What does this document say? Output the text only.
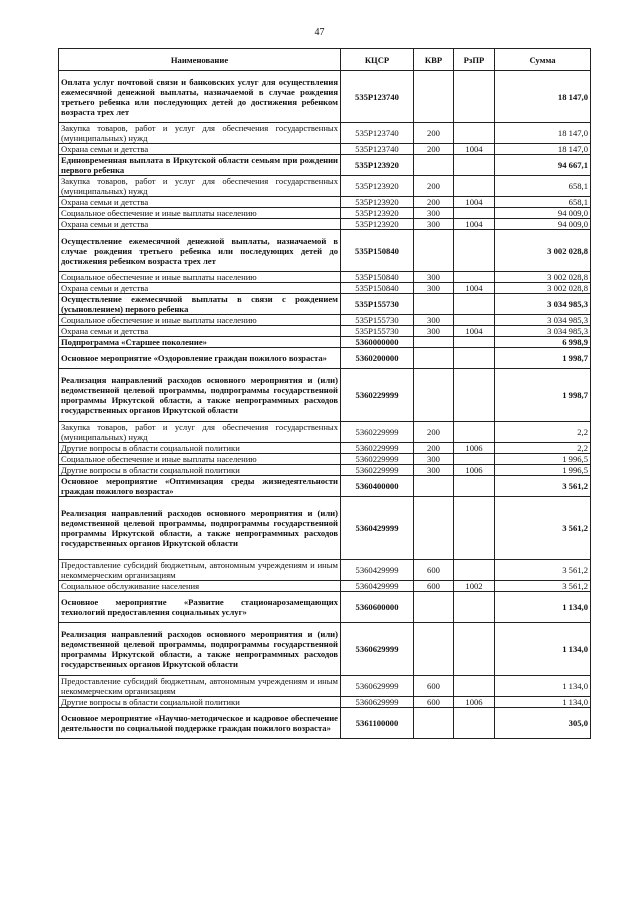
47
Наименование	КЦСР	КВР	РзПР	Сумма
Оплата услуг почтовой связи и банковских услуг для осуществления ежемесячной денежной выплаты, назначаемой в случае рождения третьего ребенка или последующих детей до достижения ребенком возраста трех лет	535P123740			18 147,0
Закупка товаров, работ и услуг для обеспечения государственных (муниципальных) нужд	535P123740	200		18 147,0
Охрана семьи и детства	535P123740	200	1004	18 147,0
Единовременная выплата в Иркутской области семьям при рождении первого ребенка	535P123920			94 667,1
Закупка товаров, работ и услуг для обеспечения государственных (муниципальных) нужд	535P123920	200		658,1
Охрана семьи и детства	535P123920	200	1004	658,1
Социальное обеспечение и иные выплаты населению	535P123920	300		94 009,0
Охрана семьи и детства	535P123920	300	1004	94 009,0
Осуществление ежемесячной денежной выплаты, назначаемой в случае рождения третьего ребенка или последующих детей до достижения ребенком возраста трех лет	535P150840			3 002 028,8
Социальное обеспечение и иные выплаты населению	535P150840	300		3 002 028,8
Охрана семьи и детства	535P150840	300	1004	3 002 028,8
Осуществление ежемесячной выплаты в связи с рождением (усыновлением) первого ребенка	535P155730			3 034 985,3
Социальное обеспечение и иные выплаты населению	535P155730	300		3 034 985,3
Охрана семьи и детства	535P155730	300	1004	3 034 985,3
Подпрограмма «Старшее поколение»	5360000000			6 998,9
Основное мероприятие «Оздоровление граждан пожилого возраста»	5360200000			1 998,7
Реализация направлений расходов основного мероприятия и (или) ведомственной целевой программы, подпрограммы государственной программы Иркутской области, а также непрограммных расходов государственных органов Иркутской области	5360229999			1 998,7
Закупка товаров, работ и услуг для обеспечения государственных (муниципальных) нужд	5360229999	200		2,2
Другие вопросы в области социальной политики	5360229999	200	1006	2,2
Социальное обеспечение и иные выплаты населению	5360229999	300		1 996,5
Другие вопросы в области социальной политики	5360229999	300	1006	1 996,5
Основное мероприятие «Оптимизация среды жизнедеятельности граждан пожилого возраста»	5360400000			3 561,2
Реализация направлений расходов основного мероприятия и (или) ведомственной целевой программы, подпрограммы государственной программы Иркутской области, а также непрограммных расходов государственных органов Иркутской области	5360429999			3 561,2
Предоставление субсидий бюджетным, автономным учреждениям и иным некоммерческим организациям	5360429999	600		3 561,2
Социальное обслуживание населения	5360429999	600	1002	3 561,2
Основное мероприятие «Развитие стационарозамещающих технологий предоставления социальных услуг»	5360600000			1 134,0
Реализация направлений расходов основного мероприятия и (или) ведомственной целевой программы, подпрограммы государственной программы Иркутской области, а также непрограммных расходов государственных органов Иркутской области	5360629999			1 134,0
Предоставление субсидий бюджетным, автономным учреждениям и иным некоммерческим организациям	5360629999	600		1 134,0
Другие вопросы в области социальной политики	5360629999	600	1006	1 134,0
Основное мероприятие «Научно-методическое и кадровое обеспечение деятельности по социальной поддержке граждан пожилого возраста»	5361100000			305,0
